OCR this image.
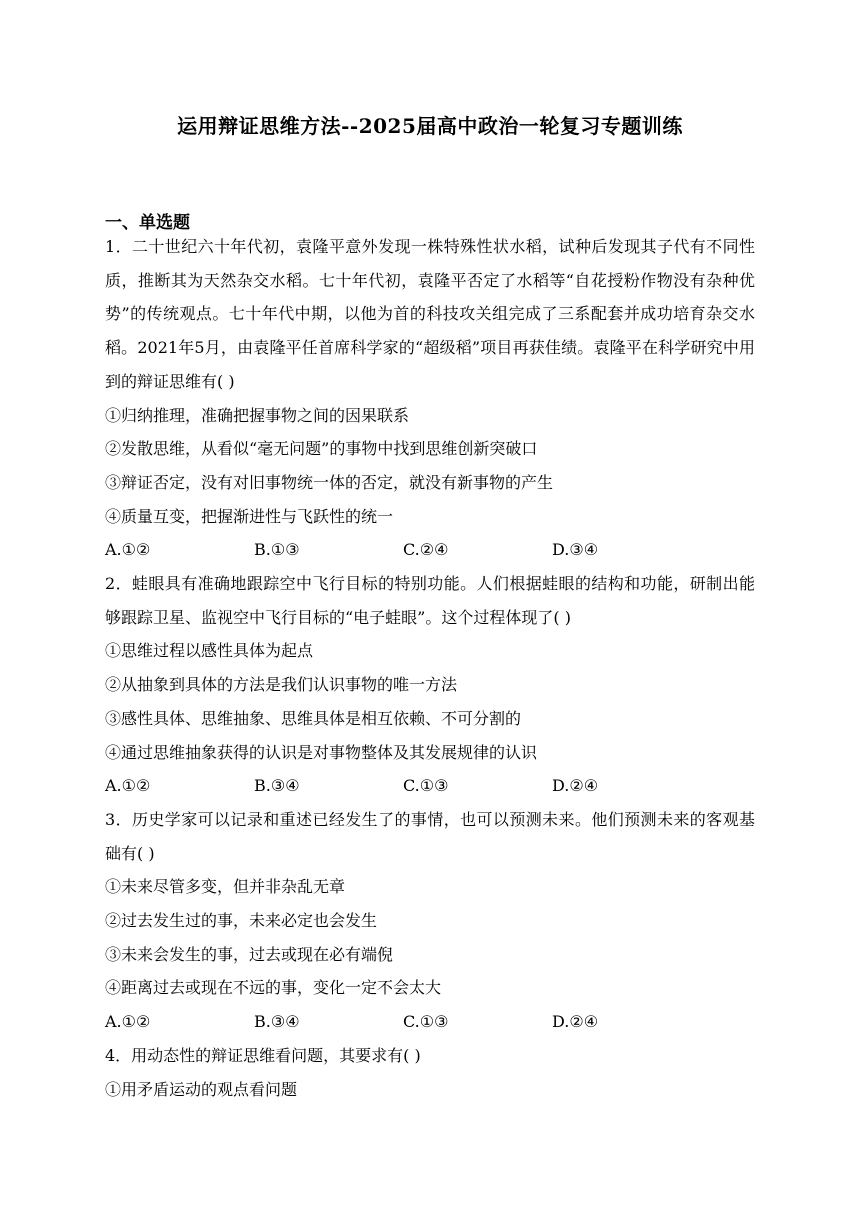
运用辩证思维方法--2025届高中政治一轮复习专题训练
一、单选题

1．二十世纪六十年代初，袁隆平意外发现一株特殊性状水稻，试种后发现其子代有不同性质，推断其为天然杂交水稻。七十年代初，袁隆平否定了水稻等“自花授粉作物没有杂种优势”的传统观点。七十年代中期，以他为首的科技攻关组完成了三系配套并成功培育杂交水稻。2021年5月，由袁隆平任首席科学家的“超级稻”项目再获佳绩。袁隆平在科学研究中用到的辩证思维有( )

①归纳推理，准确把握事物之间的因果联系

②发散思维，从看似“毫无问题”的事物中找到思维创新突破口

③辩证否定，没有对旧事物统一体的否定，就没有新事物的产生

④质量互变，把握渐进性与飞跃性的统一

A.①②	B.①③	C.②④	D.③④

2．蛙眼具有准确地跟踪空中飞行目标的特别功能。人们根据蛙眼的结构和功能，研制出能够跟踪卫星、监视空中飞行目标的“电子蛙眼”。这个过程体现了( )

①思维过程以感性具体为起点

②从抽象到具体的方法是我们认识事物的唯一方法

③感性具体、思维抽象、思维具体是相互依赖、不可分割的

④通过思维抽象获得的认识是对事物整体及其发展规律的认识

A.①②	B.③④	C.①③	D.②④

3．历史学家可以记录和重述已经发生了的事情，也可以预测未来。他们预测未来的客观基础有( )

①未来尽管多变，但并非杂乱无章

②过去发生过的事，未来必定也会发生

③未来会发生的事，过去或现在必有端倪

④距离过去或现在不远的事，变化一定不会太大

A.①②	B.③④	C.①③	D.②④

4．用动态性的辩证思维看问题，其要求有( )

①用矛盾运动的观点看问题
